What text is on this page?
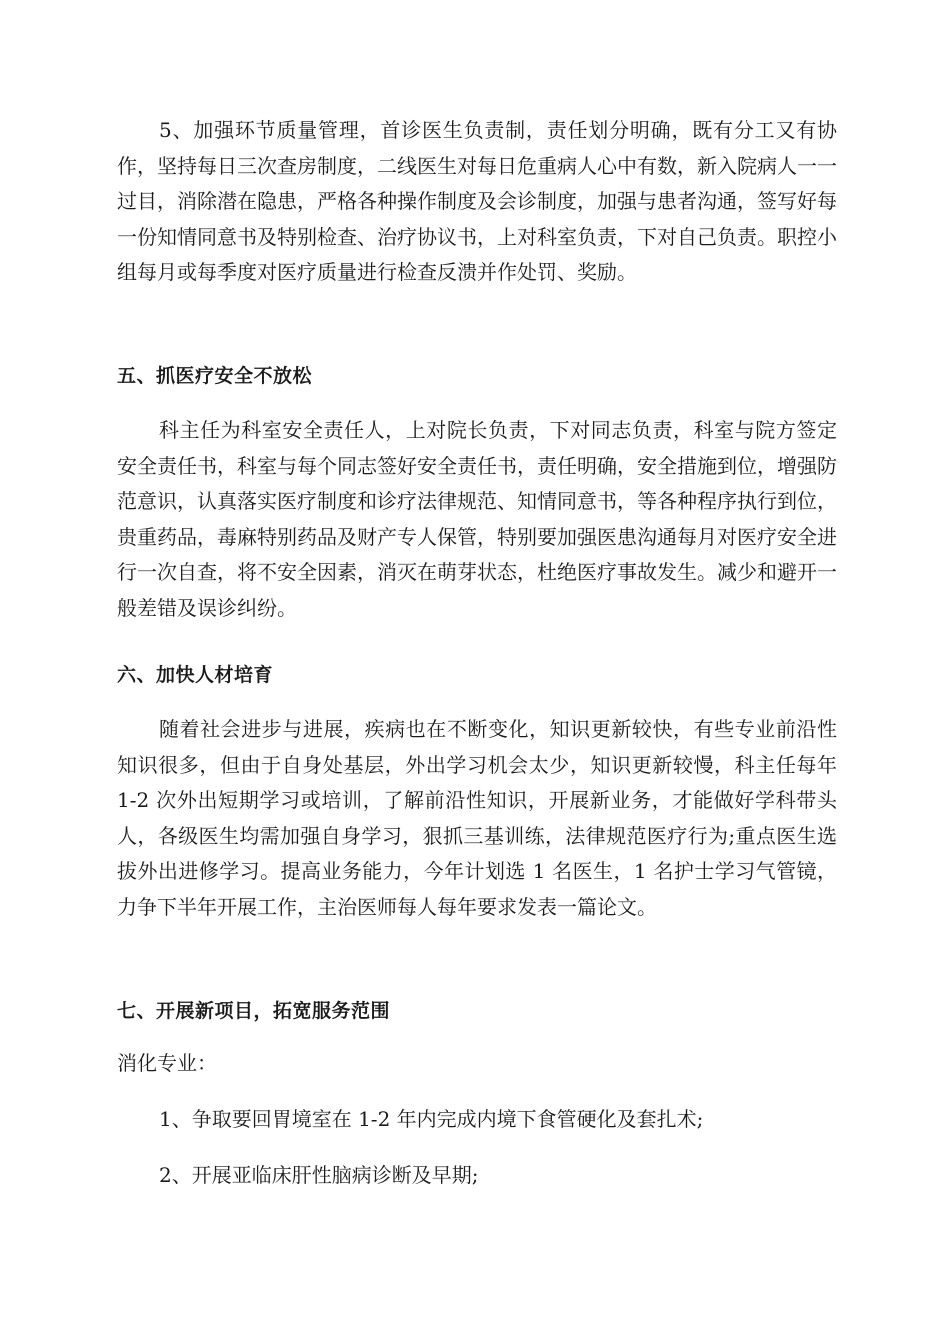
5、加强环节质量管理，首诊医生负责制，责任划分明确，既有分工又有协作，坚持每日三次查房制度，二线医生对每日危重病人心中有数，新入院病人一一过目，消除潜在隐患，严格各种操作制度及会诊制度，加强与患者沟通，签写好每一份知情同意书及特别检查、治疗协议书，上对科室负责，下对自己负责。职控小组每月或每季度对医疗质量进行检查反溃并作处罚、奖励。

五、抓医疗安全不放松

科主任为科室安全责任人，上对院长负责，下对同志负责，科室与院方签定安全责任书，科室与每个同志签好安全责任书，责任明确，安全措施到位，增强防范意识，认真落实医疗制度和诊疗法律规范、知情同意书，等各种程序执行到位，贵重药品，毒麻特别药品及财产专人保管，特别要加强医患沟通每月对医疗安全进行一次自查，将不安全因素，消灭在萌芽状态，杜绝医疗事故发生。减少和避开一般差错及误诊纠纷。

六、加快人材培育

随着社会进步与进展，疾病也在不断变化，知识更新较快，有些专业前沿性知识很多，但由于自身处基层，外出学习机会太少，知识更新较慢，科主任每年 1-2 次外出短期学习或培训，了解前沿性知识，开展新业务，才能做好学科带头人，各级医生均需加强自身学习，狠抓三基训练，法律规范医疗行为;重点医生选拔外出进修学习。提高业务能力，今年计划选 1 名医生，1 名护士学习气管镜，力争下半年开展工作，主治医师每人每年要求发表一篇论文。

七、开展新项目，拓宽服务范围

消化专业：

1、争取要回胃境室在 1-2 年内完成内境下食管硬化及套扎术;

2、开展亚临床肝性脑病诊断及早期;
